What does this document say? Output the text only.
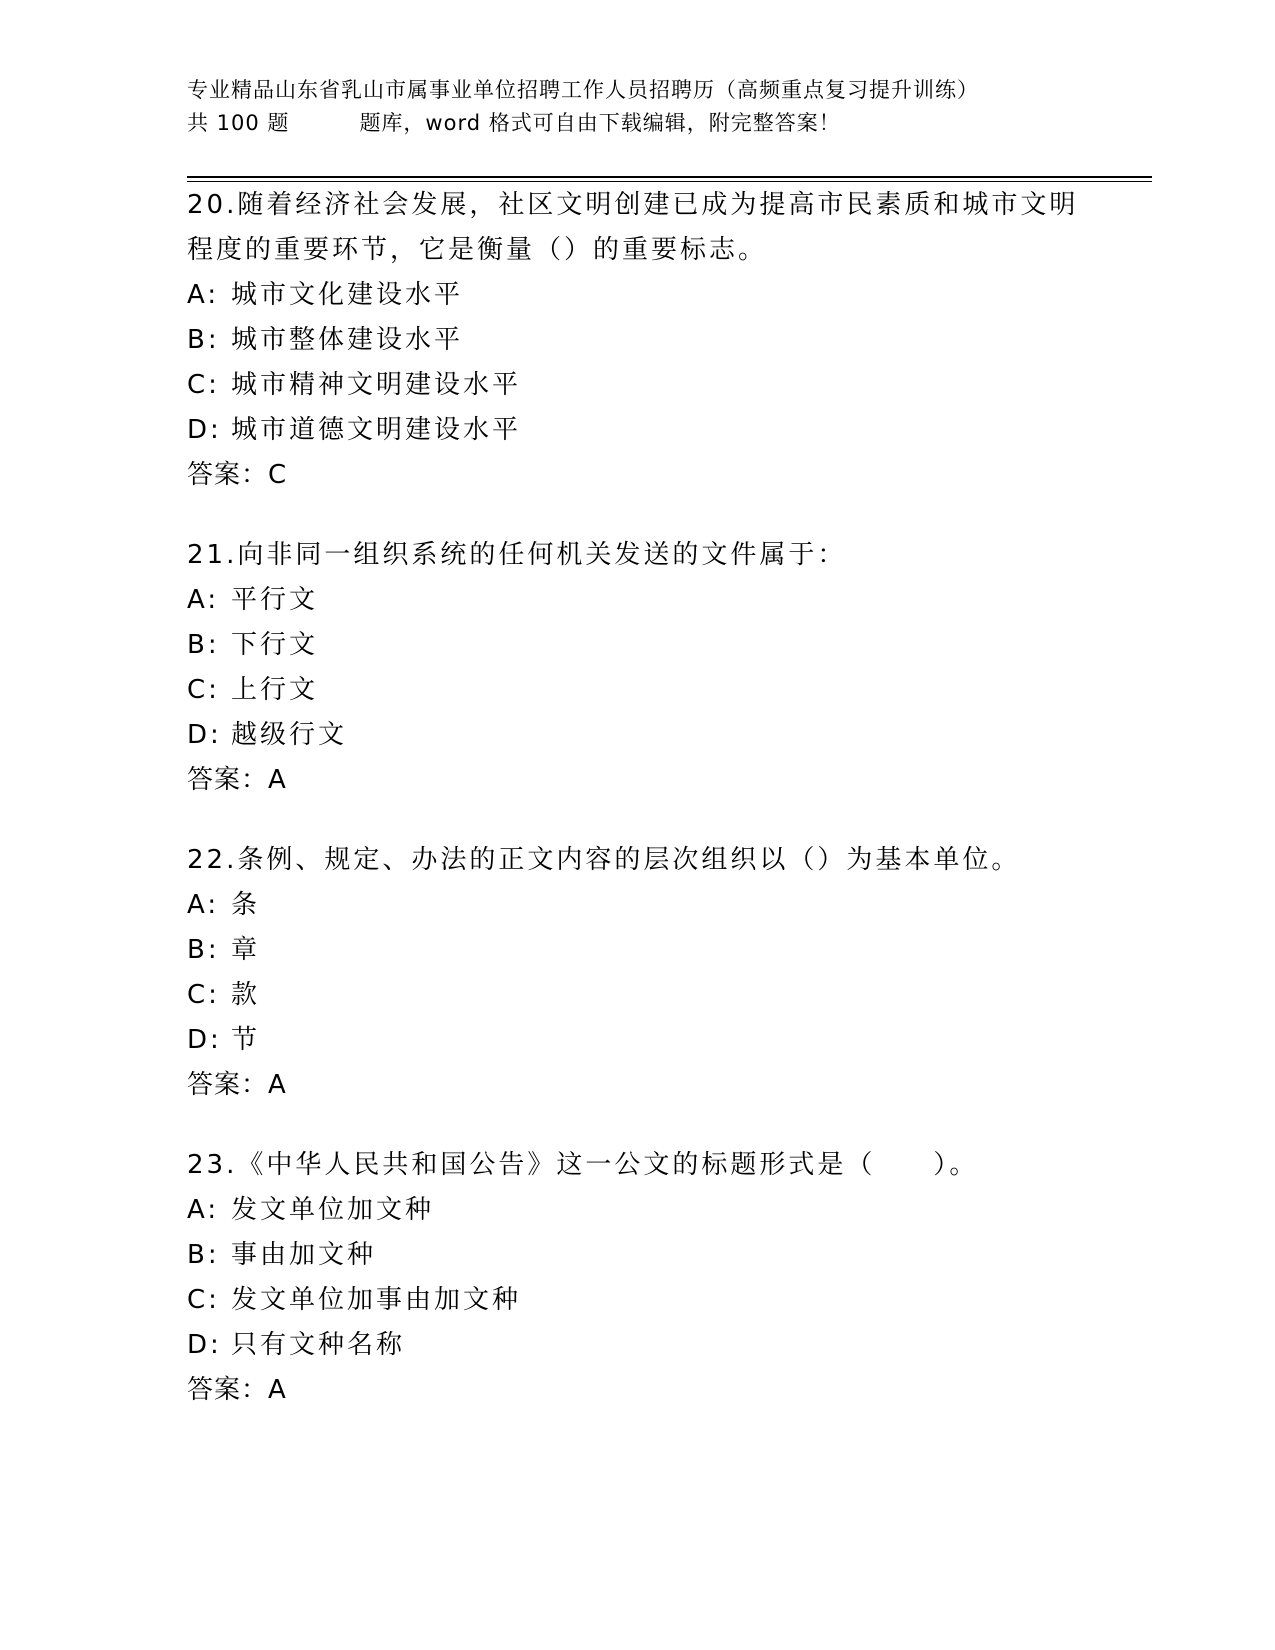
专业精品山东省乳山市属事业单位招聘工作人员招聘历（高频重点复习提升训练）
共 100 题	题库，word 格式可自由下载编辑，附完整答案！

20.随着经济社会发展，社区文明创建已成为提高市民素质和城市文明程度的重要环节，它是衡量（）的重要标志。

A: 城市文化建设水平
B: 城市整体建设水平
C: 城市精神文明建设水平
D: 城市道德文明建设水平
答案：C

21.向非同一组织系统的任何机关发送的文件属于：

A: 平行文
B: 下行文
C: 上行文
D: 越级行文
答案：A

22.条例、规定、办法的正文内容的层次组织以（）为基本单位。

A: 条
B: 章
C: 款
D: 节
答案：A

23.《中华人民共和国公告》这一公文的标题形式是（　　）。

A: 发文单位加文种
B: 事由加文种
C: 发文单位加事由加文种
D: 只有文种名称
答案：A
